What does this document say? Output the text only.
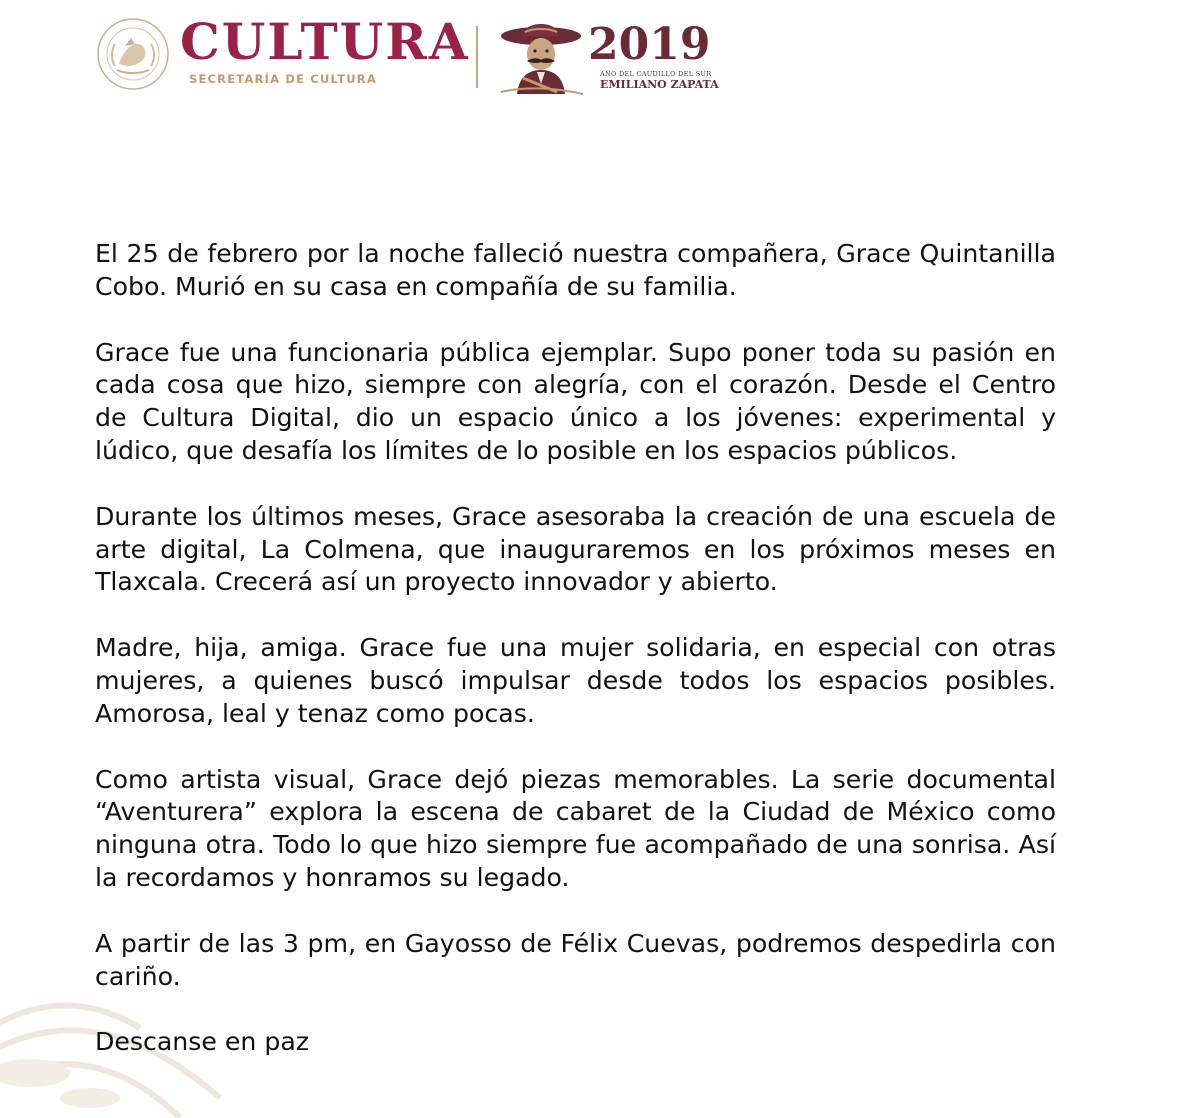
CULTURA
SECRETARÍA DE CULTURA
2019
AÑO DEL CAUDILLO DEL SUR
EMILIANO ZAPATA

El 25 de febrero por la noche falleció nuestra compañera, Grace Quintanilla Cobo. Murió en su casa en compañía de su familia.

Grace fue una funcionaria pública ejemplar. Supo poner toda su pasión en cada cosa que hizo, siempre con alegría, con el corazón. Desde el Centro de Cultura Digital, dio un espacio único a los jóvenes: experimental y lúdico, que desafía los límites de lo posible en los espacios públicos.

Durante los últimos meses, Grace asesoraba la creación de una escuela de arte digital, La Colmena, que inauguraremos en los próximos meses en Tlaxcala. Crecerá así un proyecto innovador y abierto.

Madre, hija, amiga. Grace fue una mujer solidaria, en especial con otras mujeres, a quienes buscó impulsar desde todos los espacios posibles. Amorosa, leal y tenaz como pocas.

Como artista visual, Grace dejó piezas memorables. La serie documental “Aventurera” explora la escena de cabaret de la Ciudad de México como ninguna otra. Todo lo que hizo siempre fue acompañado de una sonrisa. Así la recordamos y honramos su legado.

A partir de las 3 pm, en Gayosso de Félix Cuevas, podremos despedirla con cariño.

Descanse en paz
